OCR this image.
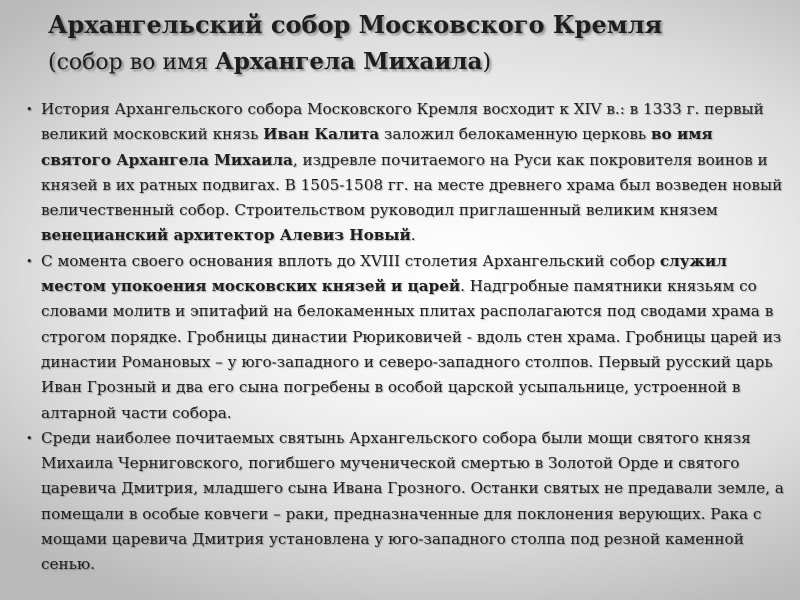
Архангельский собор Московского Кремля
(собор во имя Архангела Михаила)
• История Архангельского собора Московского Кремля восходит к XIV в.: в 1333 г. первый великий московский князь Иван Калита заложил белокаменную церковь во имя святого Архангела Михаила, издревле почитаемого на Руси как покровителя воинов и князей в их ратных подвигах. В 1505-1508 гг. на месте древнего храма был возведен новый величественный собор. Строительством руководил приглашенный великим князем венецианский архитектор Алевиз Новый.
• С момента своего основания вплоть до XVIII столетия Архангельский собор служил местом упокоения московских князей и царей. Надгробные памятники князьям со словами молитв и эпитафий на белокаменных плитах располагаются под сводами храма в строгом порядке. Гробницы династии Рюриковичей - вдоль стен храма. Гробницы царей из династии Романовых – у юго-западного и северо-западного столпов. Первый русский царь Иван Грозный и два его сына погребены в особой царской усыпальнице, устроенной в алтарной части собора.
• Среди наиболее почитаемых святынь Архангельского собора были мощи святого князя Михаила Черниговского, погибшего мученической смертью в Золотой Орде и святого царевича Дмитрия, младшего сына Ивана Грозного. Останки святых не предавали земле, а помещали в особые ковчеги – раки, предназначенные для поклонения верующих. Рака с мощами царевича Дмитрия установлена у юго-западного столпа под резной каменной сенью.
